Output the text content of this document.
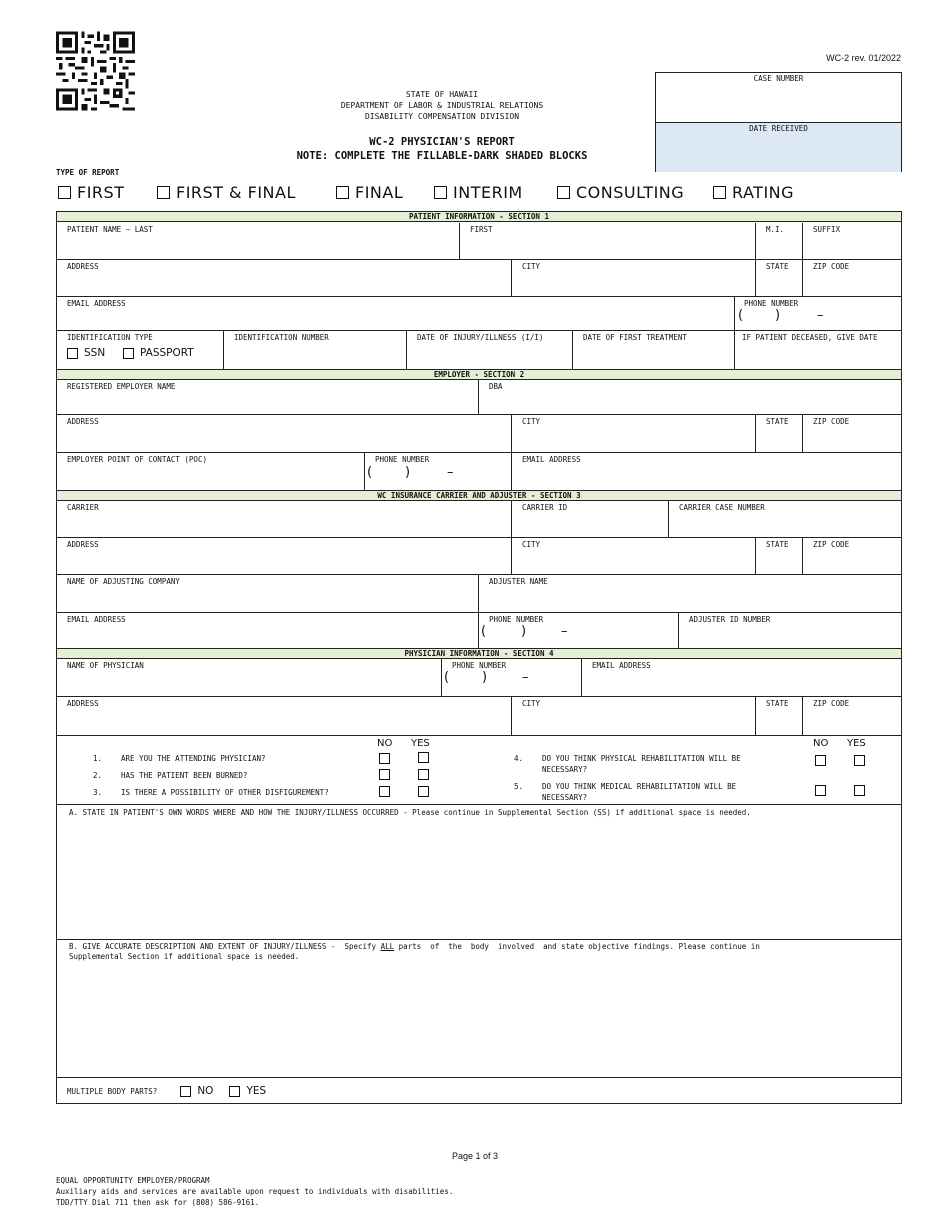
WC-2 rev. 01/2022
STATE OF HAWAII
DEPARTMENT OF LABOR & INDUSTRIAL RELATIONS
DISABILITY COMPENSATION DIVISION
WC-2 PHYSICIAN'S REPORT
NOTE: COMPLETE THE FILLABLE-DARK SHADED BLOCKS
CASE NUMBER
DATE RECEIVED
TYPE OF REPORT
FIRST	FIRST & FINAL	FINAL	INTERIM	CONSULTING	RATING
PATIENT INFORMATION - SECTION 1
PATIENT NAME – LAST	FIRST	M.I.	SUFFIX
ADDRESS	CITY	STATE	ZIP CODE
EMAIL ADDRESS	PHONE NUMBER
( )	–
IDENTIFICATION TYPE
SSN	PASSPORT
IDENTIFICATION NUMBER	DATE OF INJURY/ILLNESS (I/I)	DATE OF FIRST TREATMENT	IF PATIENT DECEASED, GIVE DATE
EMPLOYER - SECTION 2
REGISTERED EMPLOYER NAME	DBA
ADDRESS	CITY	STATE	ZIP CODE
EMPLOYER POINT OF CONTACT (POC)	PHONE NUMBER
(	)	–
EMAIL ADDRESS
WC INSURANCE CARRIER AND ADJUSTER - SECTION 3
CARRIER	CARRIER ID	CARRIER CASE NUMBER
ADDRESS	CITY	STATE	ZIP CODE
NAME OF ADJUSTING COMPANY	ADJUSTER NAME
EMAIL ADDRESS	PHONE NUMBER
(	)	–
ADJUSTER ID NUMBER
PHYSICIAN INFORMATION - SECTION 4
NAME OF PHYSICIAN	PHONE NUMBER
(	)	–
EMAIL ADDRESS
ADDRESS	CITY	STATE	ZIP CODE
NO YES	NO YES
1.	ARE YOU THE ATTENDING PHYSICIAN?
2.	HAS THE PATIENT BEEN BURNED?
3.	IS THERE A POSSIBILITY OF OTHER DISFIGUREMENT?
4.	DO YOU THINK PHYSICAL REHABILITATION WILL BE
NECESSARY?
5.	DO YOU THINK MEDICAL REHABILITATION WILL BE
NECESSARY?
A. STATE IN PATIENT'S OWN WORDS WHERE AND HOW THE INJURY/ILLNESS OCCURRED - Please continue in Supplemental Section (SS) if additional space is needed.
B. GIVE ACCURATE DESCRIPTION AND EXTENT OF INJURY/ILLNESS -  Specify ALL parts  of  the  body  involved  and state objective findings. Please continue in
Supplemental Section if additional space is needed.
MULTIPLE BODY PARTS?	NO	YES
Page 1 of 3
EQUAL OPPORTUNITY EMPLOYER/PROGRAM
Auxiliary aids and services are available upon request to individuals with disabilities.
TDD/TTY Dial 711 then ask for (808) 586-9161.
